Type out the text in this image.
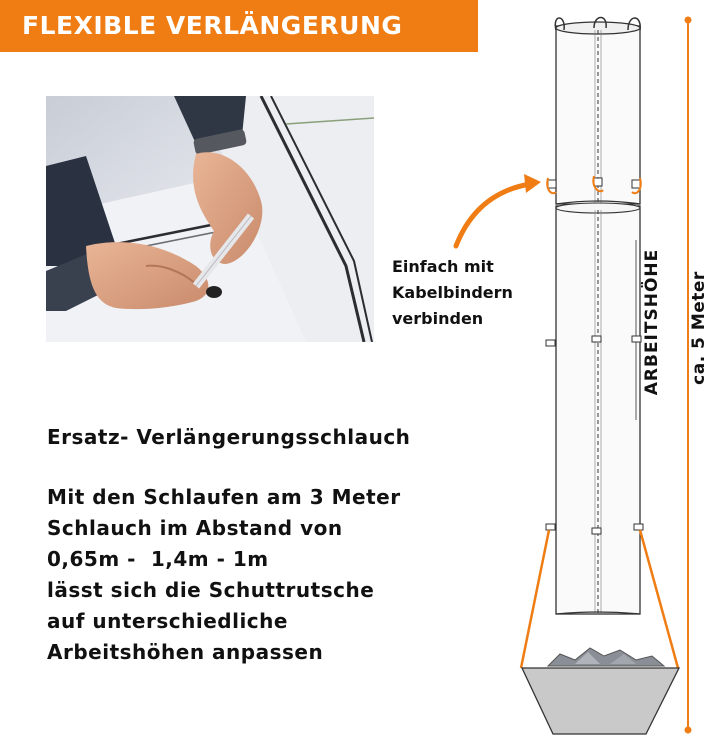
FLEXIBLE VERLÄNGERUNG
Einfach mit
Kabelbindern
verbinden
Ersatz- Verlängerungsschlauch
Mit den Schlaufen am 3 Meter
Schlauch im Abstand von
0,65m -  1,4m - 1m
lässt sich die Schuttrutsche
auf unterschiedliche
Arbeitshöhen anpassen
ARBEITSHÖHE ca. 5 Meter
